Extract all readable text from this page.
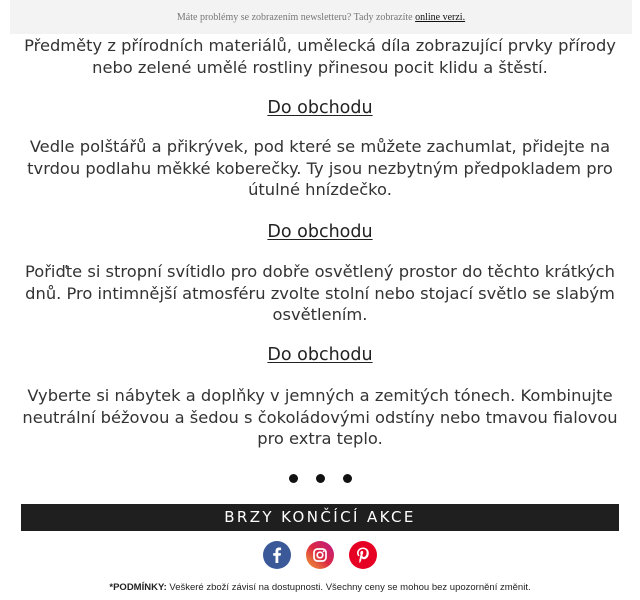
Máte problémy se zobrazením newsletteru? Tady zobrazíte online verzi.

Předměty z přírodních materiálů, umělecká díla zobrazující prvky přírody nebo zelené umělé rostliny přinesou pocit klidu a štěstí.

Do obchodu

Vedle polštářů a přikrývek, pod které se můžete zachumlat, přidejte na tvrdou podlahu měkké koberečky. Ty jsou nezbytným předpokladem pro útulné hnízdečko.

Do obchodu

Pořiďte si stropní svítidlo pro dobře osvětlený prostor do těchto krátkých dnů. Pro intimnější atmosféru zvolte stolní nebo stojací světlo se slabým osvětlením.

Do obchodu

Vyberte si nábytek a doplňky v jemných a zemitých tónech. Kombinujte neutrální béžovou a šedou s čokoládovými odstíny nebo tmavou fialovou pro extra teplo.

BRZY KONČÍCÍ AKCE

*PODMÍNKY: Veškeré zboží závisí na dostupnosti. Všechny ceny se mohou bez upozornění změnit.
